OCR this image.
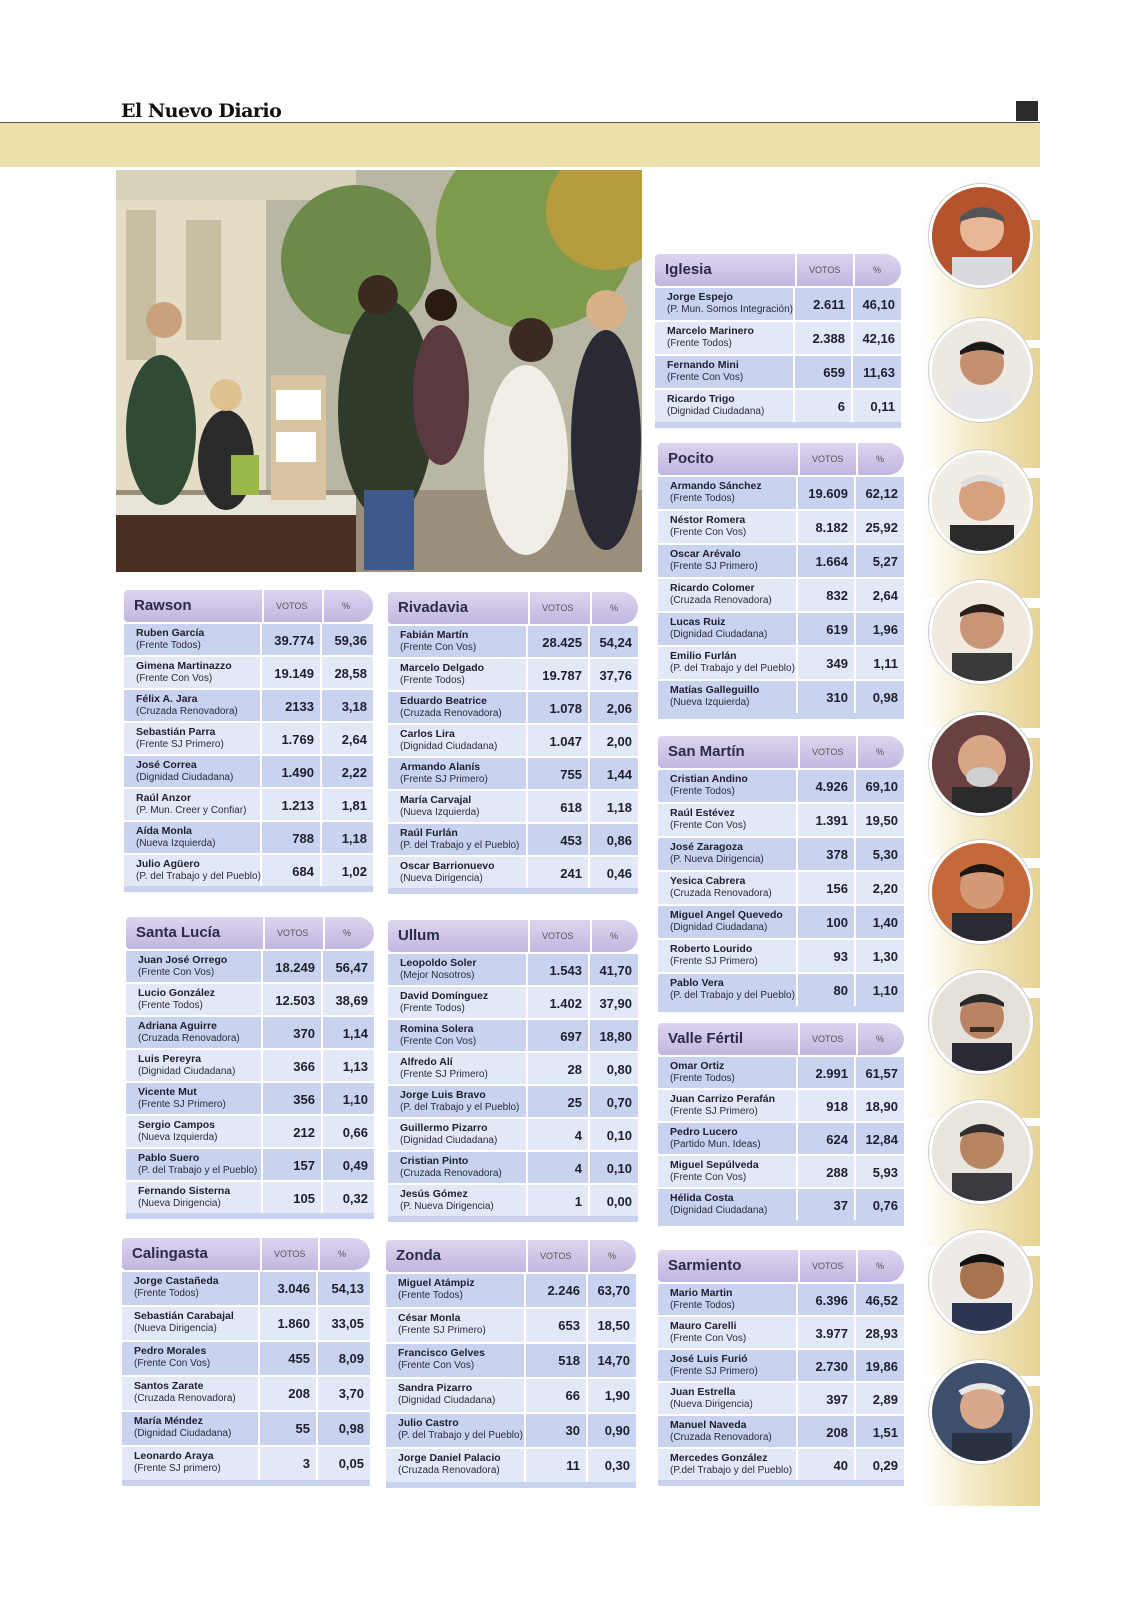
El Nuevo Diario
Rawson	VOTOS	%
Ruben García
(Frente Todos)	39.774 59,36
Gimena Martinazzo
(Frente Con Vos)	19.149 28,58
Félix A. Jara
(Cruzada Renovadora)	2133 3,18
Sebastián Parra
(Frente SJ Primero)	1.769 2,64
José Correa
(Dignidad Ciudadana)	1.490 2,22
Raúl Anzor
(P. Mun. Creer y Confiar)	1.213 1,81
Aída Monla
(Nueva Izquierda)	788 1,18
Julio Agüero
(P. del Trabajo y del Pueblo) 684 1,02
Rivadavia	VOTOS	%
Fabián Martín
(Frente Con Vos)	28.425 54,24
Marcelo Delgado
(Frente Todos)	19.787 37,76
Eduardo Beatrice
(Cruzada Renovadora)	1.078 2,06
Carlos Lira
(Dignidad Ciudadana)	1.047 2,00
Armando Alanís
(Frente SJ Primero)	755 1,44
María Carvajal
(Nueva Izquierda)	618 1,18
Raúl Furlán
(P. del Trabajo y el Pueblo)	453 0,86
Oscar Barrionuevo
(Nueva Dirigencia)	241 0,46
Santa Lucía	VOTOS	%
Juan José Orrego
(Frente Con Vos)	18.249 56,47
Lucio González
(Frente Todos)	12.503 38,69
Adriana Aguirre
(Cruzada Renovadora)	370 1,14
Luis Pereyra
(Dignidad Ciudadana)	366 1,13
Vicente Mut
(Frente SJ Primero)	356 1,10
Sergio Campos
(Nueva Izquierda)	212 0,66
Pablo Suero
(P. del Trabajo y el Pueblo)	157 0,49
Fernando Sisterna
(Nueva Dirigencia)	105 0,32
Ullum	VOTOS	%
Leopoldo Soler
(Mejor Nosotros)	1.543 41,70
David Domínguez
(Frente Todos)	1.402 37,90
Romina Solera
(Frente Con Vos)	697 18,80
Alfredo Alí
(Frente SJ Primero)	28 0,80
Jorge Luis Bravo
(P. del Trabajo y el Pueblo)	25 0,70
Guillermo Pizarro
(Dignidad Ciudadana)	4 0,10
Cristian Pinto
(Cruzada Renovadora)	4 0,10
Jesús Gómez
(P. Nueva Dirigencia)	1 0,00
Calingasta	VOTOS	%
Jorge Castañeda
(Frente Todos)	3.046 54,13
Sebastián Carabajal
(Nueva Dirigencia)	1.860 33,05
Pedro Morales
(Frente Con Vos)	455 8,09
Santos Zarate
(Cruzada Renovadora)	208 3,70
María Méndez
(Dignidad Ciudadana)	55 0,98
Leonardo Araya
(Frente SJ primero)	3 0,05
Zonda	VOTOS	%
Miguel Atámpiz
(Frente Todos)	2.246 63,70
César Monla
(Frente SJ Primero)	653 18,50
Francisco Gelves
(Frente Con Vos)	518 14,70
Sandra Pizarro
(Dignidad Ciudadana)	66 1,90
Julio Castro
(P. del Trabajo y del Pueblo)	30 0,90
Jorge Daniel Palacio
(Cruzada Renovadora)	11 0,30
Iglesia	VOTOS	%
Jorge Espejo
(P. Mun. Somos Integración) 2.611 46,10
Marcelo Marinero
(Frente Todos)	2.388 42,16
Fernando Mini
(Frente Con Vos)	659 11,63
Ricardo Trigo
(Dignidad Ciudadana)	6 0,11
Pocito	VOTOS	%
Armando Sánchez
(Frente Todos)	19.609 62,12
Néstor Romera
(Frente Con Vos)	8.182 25,92
Oscar Arévalo
(Frente SJ Primero)	1.664 5,27
Ricardo Colomer
(Cruzada Renovadora)	832 2,64
Lucas Ruiz
(Dignidad Ciudadana)	619 1,96
Emilio Furlán
(P. del Trabajo y del Pueblo) 349 1,11
Matías Galleguillo
(Nueva Izquierda)	310 0,98
San Martín	VOTOS	%
Cristian Andino
(Frente Todos)	4.926 69,10
Raúl Estévez
(Frente Con Vos)	1.391 19,50
José Zaragoza
(P. Nueva Dirigencia)	378 5,30
Yesica Cabrera
(Cruzada Renovadora)	156 2,20
Miguel Angel Quevedo
(Dignidad Ciudadana)	100 1,40
Roberto Lourido
(Frente SJ Primero)	93 1,30
Pablo Vera
(P. del Trabajo y del Pueblo)	80 1,10
Valle Fértil	VOTOS	%
Omar Ortiz
(Frente Todos)	2.991 61,57
Juan Carrizo Perafán
(Frente SJ Primero)	918 18,90
Pedro Lucero
(Partido Mun. Ideas)	624 12,84
Miguel Sepúlveda
(Frente Con Vos)	288 5,93
Hélida Costa
(Dignidad Ciudadana)	37 0,76
Sarmiento	VOTOS	%
Mario Martin
(Frente Todos)	6.396 46,52
Mauro Carelli
(Frente Con Vos)	3.977 28,93
José Luis Furió
(Frente SJ Primero)	2.730 19,86
Juan Estrella
(Nueva Dirigencia)	397 2,89
Manuel Naveda
(Cruzada Renovadora)	208 1,51
Mercedes González
(P.del Trabajo y del Pueblo)	40 0,29
